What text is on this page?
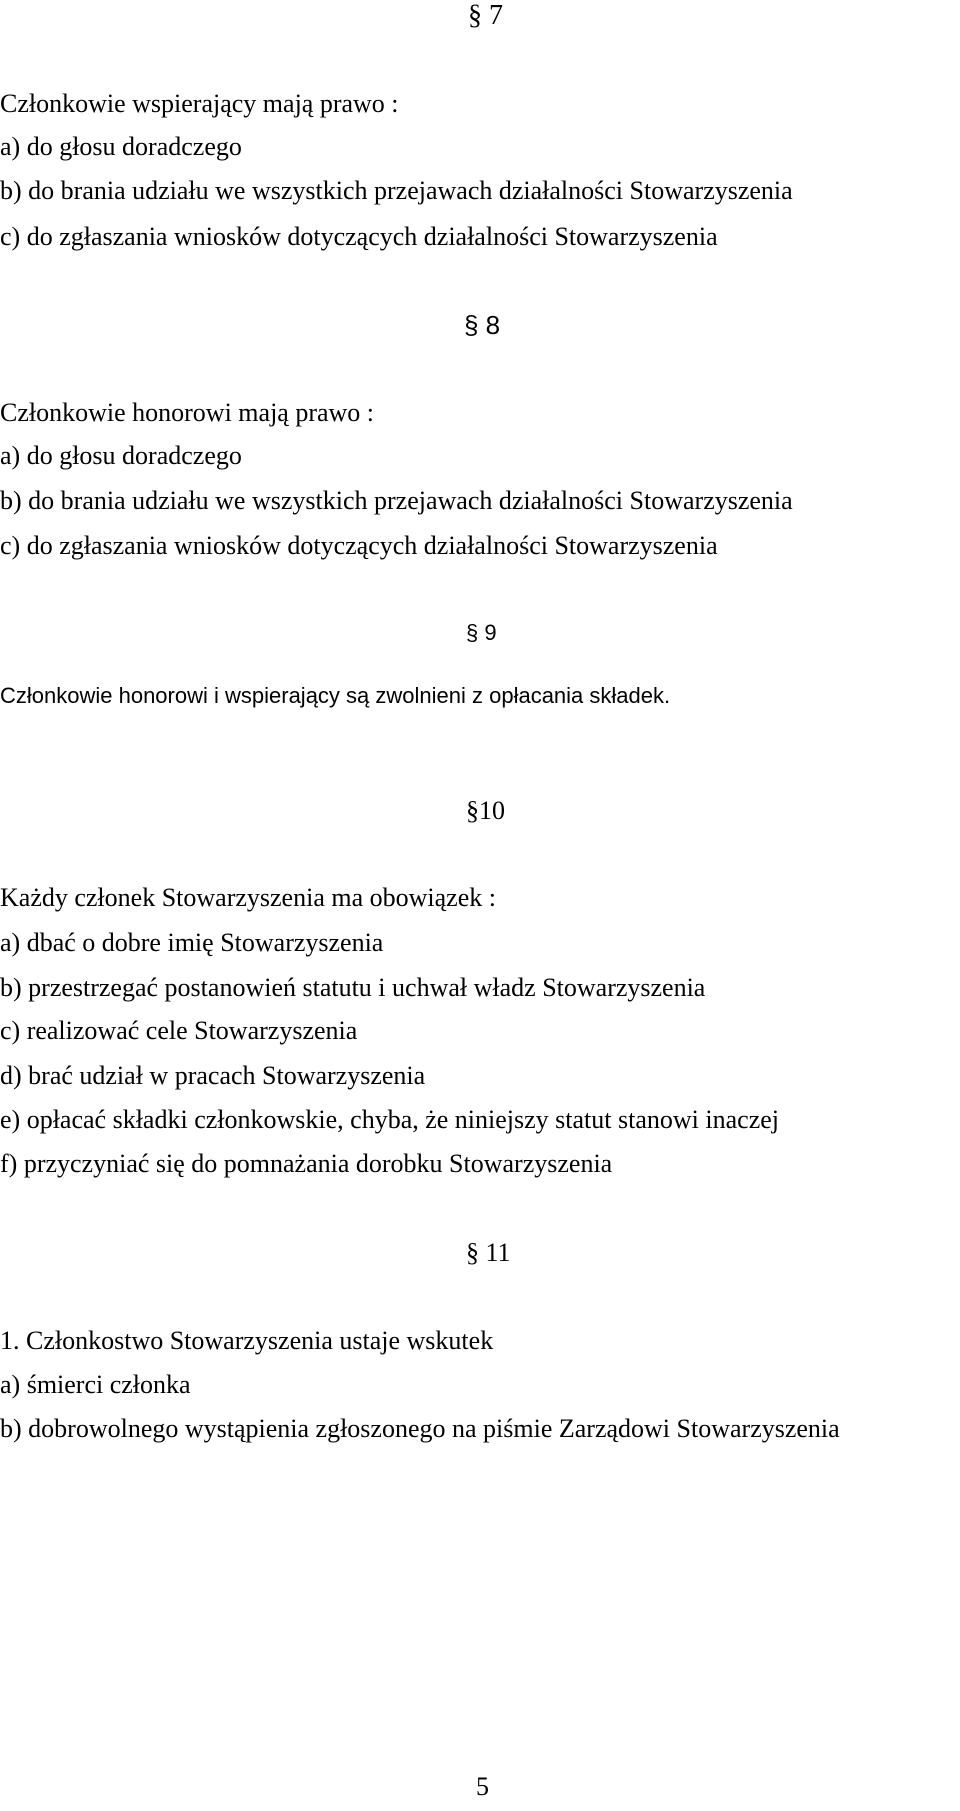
§ 7
Członkowie wspierający mają prawo :
a) do głosu doradczego
b) do brania udziału we wszystkich przejawach działalności Stowarzyszenia
c) do zgłaszania wniosków dotyczących działalności Stowarzyszenia
§ 8
Członkowie honorowi mają prawo :
a) do głosu doradczego
b) do brania udziału we wszystkich przejawach działalności Stowarzyszenia
c) do zgłaszania wniosków dotyczących działalności Stowarzyszenia
§ 9
Członkowie honorowi i wspierający są zwolnieni z opłacania składek.
§10
Każdy członek Stowarzyszenia ma obowiązek :
a) dbać o dobre imię Stowarzyszenia
b) przestrzegać postanowień statutu i uchwał władz Stowarzyszenia
c) realizować cele Stowarzyszenia
d) brać udział w pracach Stowarzyszenia
e) opłacać składki członkowskie, chyba, że niniejszy statut stanowi inaczej
f) przyczyniać się do pomnażania dorobku Stowarzyszenia
§ 11
1. Członkostwo Stowarzyszenia ustaje wskutek
a) śmierci członka
b) dobrowolnego wystąpienia zgłoszonego na piśmie Zarządowi Stowarzyszenia
5
